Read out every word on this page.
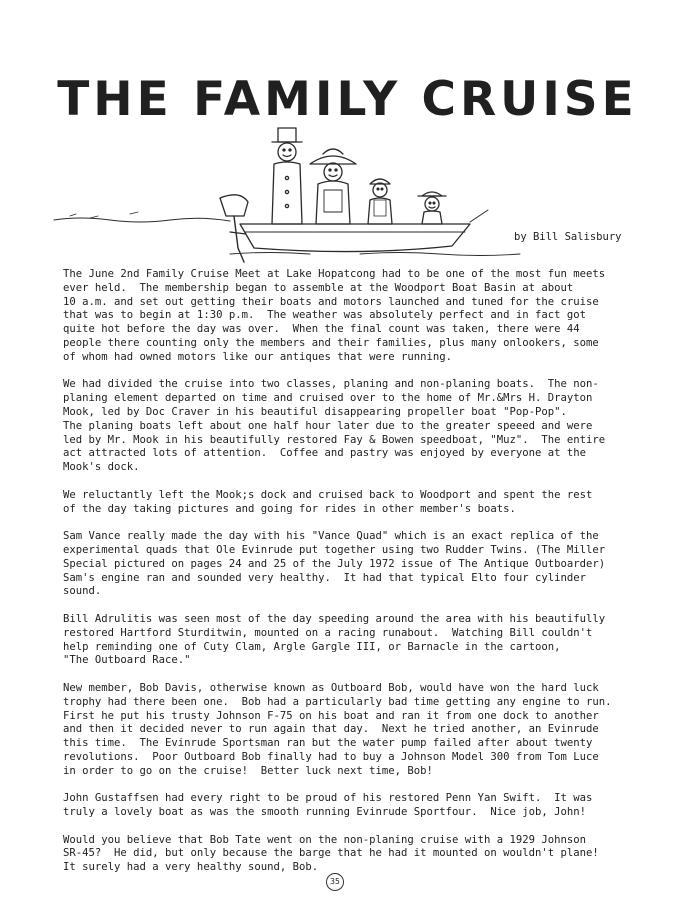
THE FAMILY CRUISE
by Bill Salisbury

The June 2nd Family Cruise Meet at Lake Hopatcong had to be one of the most fun meets
ever held.  The membership began to assemble at the Woodport Boat Basin at about
10 a.m. and set out getting their boats and motors launched and tuned for the cruise
that was to begin at 1:30 p.m.  The weather was absolutely perfect and in fact got
quite hot before the day was over.  When the final count was taken, there were 44
people there counting only the members and their families, plus many onlookers, some
of whom had owned motors like our antiques that were running.

We had divided the cruise into two classes, planing and non-planing boats.  The non-
planing element departed on time and cruised over to the home of Mr.&Mrs H. Drayton
Mook, led by Doc Craver in his beautiful disappearing propeller boat "Pop-Pop".
The planing boats left about one half hour later due to the greater speeed and were
led by Mr. Mook in his beautifully restored Fay & Bowen speedboat, "Muz".  The entire
act attracted lots of attention.  Coffee and pastry was enjoyed by everyone at the
Mook's dock.

We reluctantly left the Mook;s dock and cruised back to Woodport and spent the rest
of the day taking pictures and going for rides in other member's boats.

Sam Vance really made the day with his "Vance Quad" which is an exact replica of the
experimental quads that Ole Evinrude put together using two Rudder Twins. (The Miller
Special pictured on pages 24 and 25 of the July 1972 issue of The Antique Outboarder)
Sam's engine ran and sounded very healthy.  It had that typical Elto four cylinder
sound.

Bill Adrulitis was seen most of the day speeding around the area with his beautifully
restored Hartford Sturditwin, mounted on a racing runabout.  Watching Bill couldn't
help reminding one of Cuty Clam, Argle Gargle III, or Barnacle in the cartoon,
"The Outboard Race."

New member, Bob Davis, otherwise known as Outboard Bob, would have won the hard luck
trophy had there been one.  Bob had a particularly bad time getting any engine to run.
First he put his trusty Johnson F-75 on his boat and ran it from one dock to another
and then it decided never to run again that day.  Next he tried another, an Evinrude
this time.  The Evinrude Sportsman ran but the water pump failed after about twenty
revolutions.  Poor Outboard Bob finally had to buy a Johnson Model 300 from Tom Luce
in order to go on the cruise!  Better luck next time, Bob!

John Gustaffsen had every right to be proud of his restored Penn Yan Swift.  It was
truly a lovely boat as was the smooth running Evinrude Sportfour.  Nice job, John!

Would you believe that Bob Tate went on the non-planing cruise with a 1929 Johnson
SR-45?  He did, but only because the barge that he had it mounted on wouldn't plane!
It surely had a very healthy sound, Bob.

35
